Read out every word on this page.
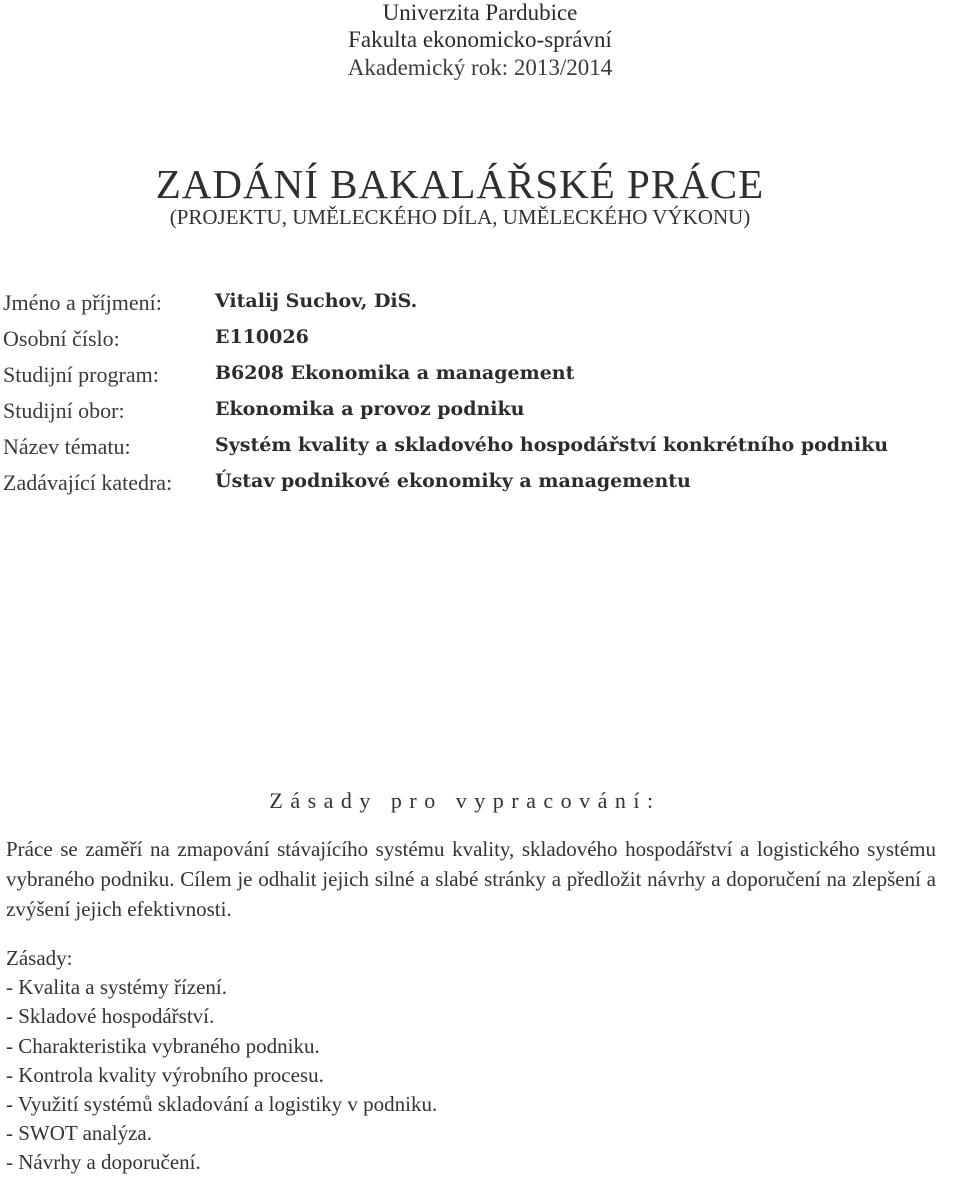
Univerzita Pardubice
Fakulta ekonomicko-správní
Akademický rok: 2013/2014
ZADÁNÍ BAKALÁŘSKÉ PRÁCE
(PROJEKTU, UMĚLECKÉHO DÍLA, UMĚLECKÉHO VÝKONU)
Jméno a příjmení:	Vitalij Suchov, DiS.
Osobní číslo:	E110026
Studijní program:	B6208 Ekonomika a management
Studijní obor:	Ekonomika a provoz podniku
Název tématu:	Systém kvality a skladového hospodářství konkrétního podniku
Zadávající katedra: Ústav podnikové ekonomiky a managementu
Zásady pro vypracování:
Práce se zaměří na zmapování stávajícího systému kvality, skladového hospodářství a logistického systému vybraného podniku. Cílem je odhalit jejich silné a slabé stránky a předložit návrhy a doporučení na zlepšení a zvýšení jejich efektivnosti.
Zásady:
- Kvalita a systémy řízení.
- Skladové hospodářství.
- Charakteristika vybraného podniku.
- Kontrola kvality výrobního procesu.
- Využití systémů skladování a logistiky v podniku.
- SWOT analýza.
- Návrhy a doporučení.
